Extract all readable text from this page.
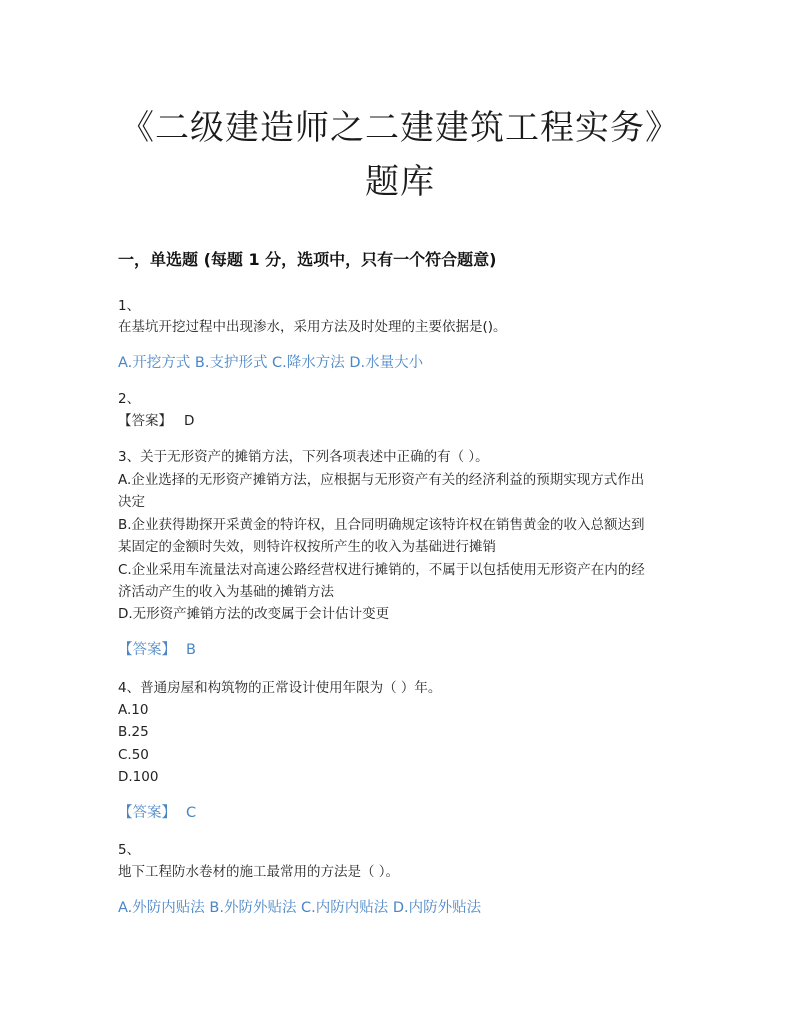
《二级建造师之二建建筑工程实务》
题库
一，单选题 (每题 1 分，选项中，只有一个符合题意)
1、
在基坑开挖过程中出现渗水，采用方法及时处理的主要依据是()。
A.开挖方式 B.支护形式 C.降水方法 D.水量大小
2、
【答案】 D
3、关于无形资产的摊销方法，下列各项表述中正确的有（ ）。
A.企业选择的无形资产摊销方法，应根据与无形资产有关的经济利益的预期实现方式作出
决定
B.企业获得勘探开采黄金的特许权，且合同明确规定该特许权在销售黄金的收入总额达到
某固定的金额时失效，则特许权按所产生的收入为基础进行摊销
C.企业采用车流量法对高速公路经营权进行摊销的，不属于以包括使用无形资产在内的经
济活动产生的收入为基础的摊销方法
D.无形资产摊销方法的改变属于会计估计变更
【答案】 B
4、普通房屋和构筑物的正常设计使用年限为（ ）年。
A.10
B.25
C.50
D.100
【答案】 C
5、
地下工程防水卷材的施工最常用的方法是（ ）。
A.外防内贴法 B.外防外贴法 C.内防内贴法 D.内防外贴法
